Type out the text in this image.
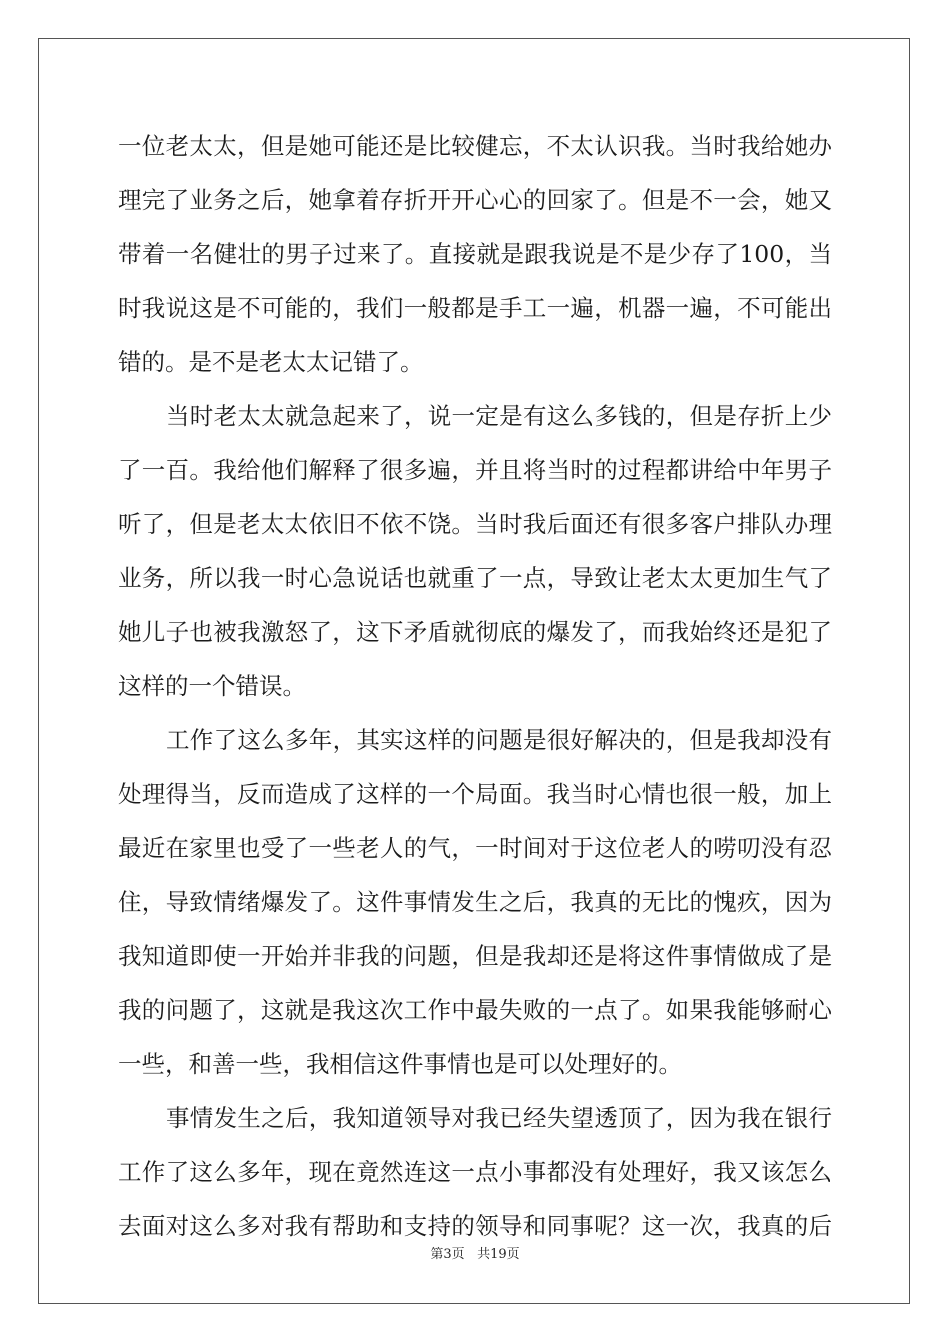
一位老太太，但是她可能还是比较健忘，不太认识我。当时我给她办
理完了业务之后，她拿着存折开开心心的回家了。但是不一会，她又
带着一名健壮的男子过来了。直接就是跟我说是不是少存了100，当
时我说这是不可能的，我们一般都是手工一遍，机器一遍，不可能出
错的。是不是老太太记错了。
当时老太太就急起来了，说一定是有这么多钱的，但是存折上少
了一百。我给他们解释了很多遍，并且将当时的过程都讲给中年男子
听了，但是老太太依旧不依不饶。当时我后面还有很多客户排队办理
业务，所以我一时心急说话也就重了一点，导致让老太太更加生气了
她儿子也被我激怒了，这下矛盾就彻底的爆发了，而我始终还是犯了
这样的一个错误。
工作了这么多年，其实这样的问题是很好解决的，但是我却没有
处理得当，反而造成了这样的一个局面。我当时心情也很一般，加上
最近在家里也受了一些老人的气，一时间对于这位老人的唠叨没有忍
住，导致情绪爆发了。这件事情发生之后，我真的无比的愧疚，因为
我知道即使一开始并非我的问题，但是我却还是将这件事情做成了是
我的问题了，这就是我这次工作中最失败的一点了。如果我能够耐心
一些，和善一些，我相信这件事情也是可以处理好的。
事情发生之后，我知道领导对我已经失望透顶了，因为我在银行
工作了这么多年，现在竟然连这一点小事都没有处理好，我又该怎么
去面对这么多对我有帮助和支持的领导和同事呢？这一次，我真的后
第3页 共19页
